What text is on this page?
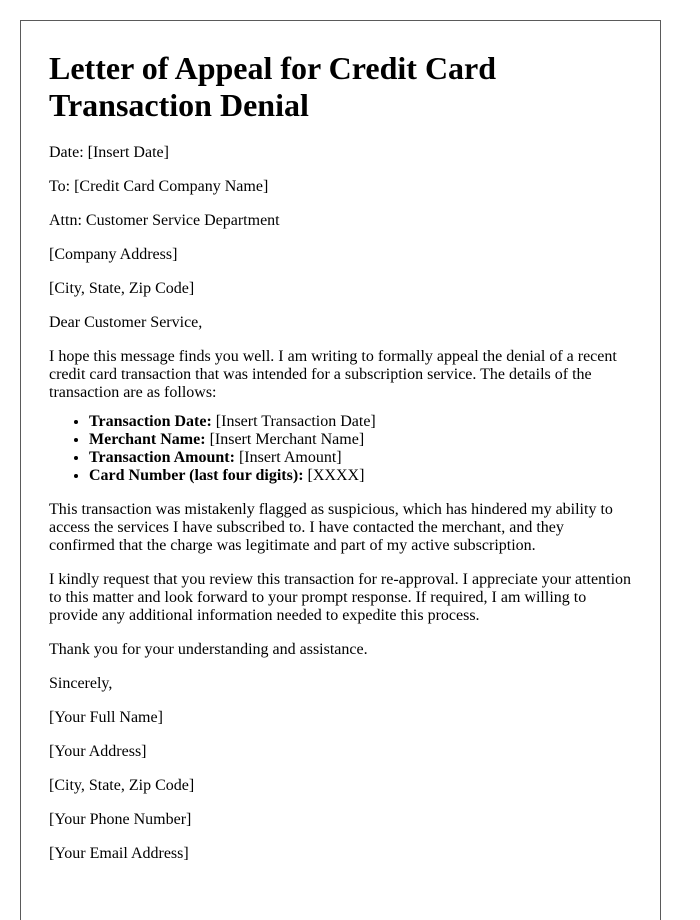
Letter of Appeal for Credit Card Transaction Denial

Date: [Insert Date]

To: [Credit Card Company Name]

Attn: Customer Service Department

[Company Address]

[City, State, Zip Code]

Dear Customer Service,

I hope this message finds you well. I am writing to formally appeal the denial of a recent credit card transaction that was intended for a subscription service. The details of the transaction are as follows:

• Transaction Date: [Insert Transaction Date]
• Merchant Name: [Insert Merchant Name]
• Transaction Amount: [Insert Amount]
• Card Number (last four digits): [XXXX]

This transaction was mistakenly flagged as suspicious, which has hindered my ability to access the services I have subscribed to. I have contacted the merchant, and they confirmed that the charge was legitimate and part of my active subscription.

I kindly request that you review this transaction for re-approval. I appreciate your attention to this matter and look forward to your prompt response. If required, I am willing to provide any additional information needed to expedite this process.

Thank you for your understanding and assistance.

Sincerely,

[Your Full Name]

[Your Address]

[City, State, Zip Code]

[Your Phone Number]

[Your Email Address]
